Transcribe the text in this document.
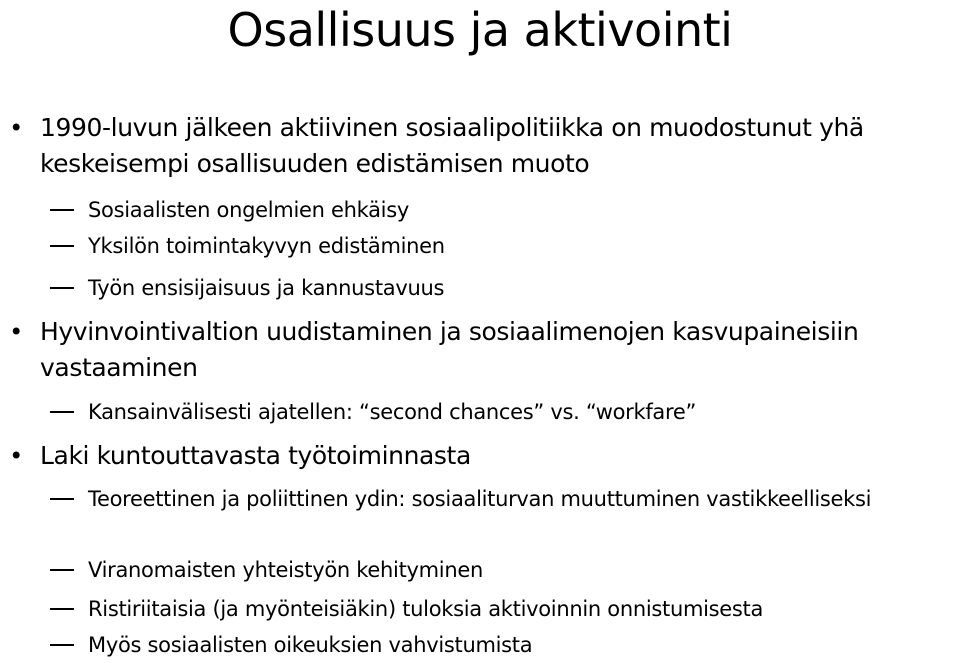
Osallisuus ja aktivointi
• 1990-luvun jälkeen aktiivinen sosiaalipolitiikka on muodostunut yhä keskeisempi osallisuuden edistämisen muoto
Sosiaalisten ongelmien ehkäisy
Yksilön toimintakyvyn edistäminen
Työn ensisijaisuus ja kannustavuus
• Hyvinvointivaltion uudistaminen ja sosiaalimenojen kasvupaineisiin vastaaminen
Kansainvälisesti ajatellen: “second chances” vs. “workfare”
• Laki kuntouttavasta työtoiminnasta
Teoreettinen ja poliittinen ydin: sosiaaliturvan muuttuminen vastikkeelliseksi
Viranomaisten yhteistyön kehityminen
Ristiriitaisia (ja myönteisiäkin) tuloksia aktivoinnin onnistumisesta
Myös sosiaalisten oikeuksien vahvistumista
